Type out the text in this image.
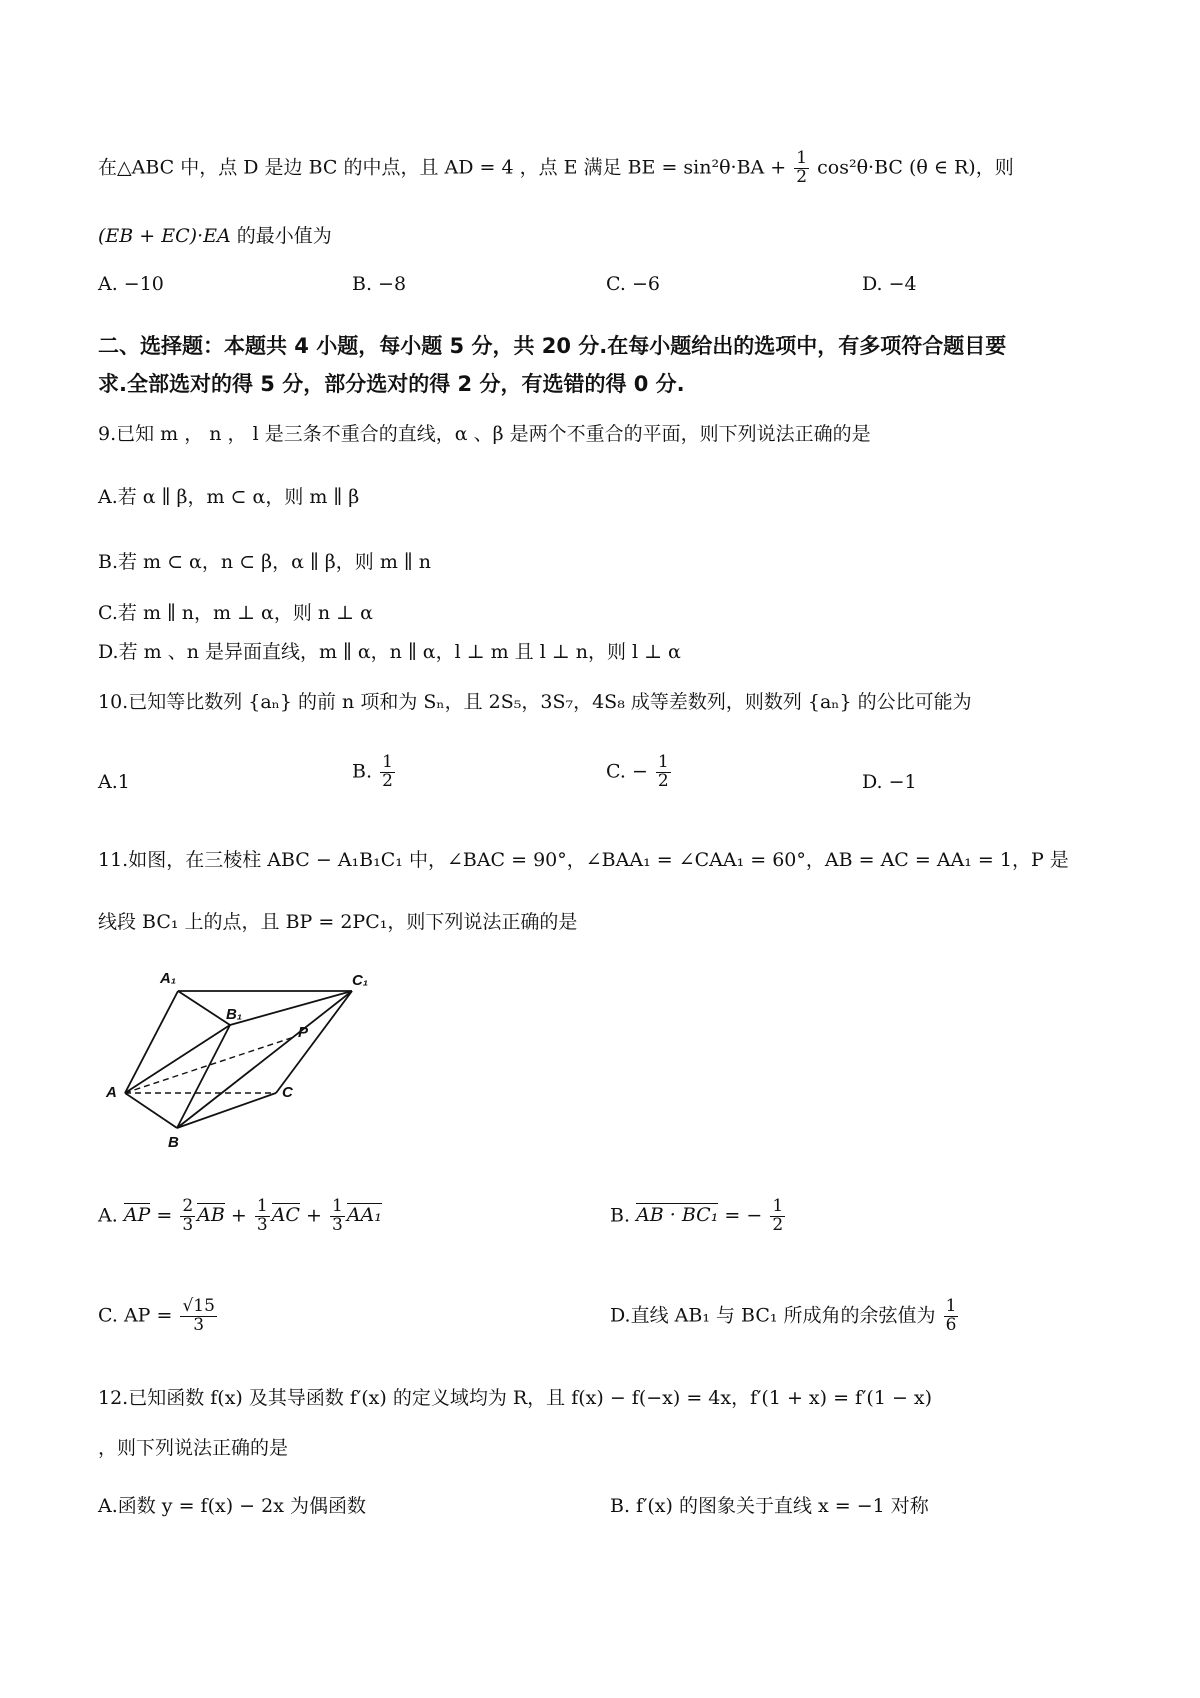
在△ABC 中，点 D 是边 BC 的中点，且 AD = 4 ，点 E 满足 BE = $\sin^2\theta\cdot BA + \frac{1}{2} \cos^2\theta\cdot BC$ (θ ∈ R)，则
(EB + EC)·EA 的最小值为
A. −10	B. −8	C. −6	D. −4
二、选择题：本题共 4 小题，每小题 5 分，共 20 分.在每小题给出的选项中，有多项符合题目要
求.全部选对的得 5 分，部分选对的得 2 分，有选错的得 0 分.
9.已知 m ， n ， l 是三条不重合的直线，α 、β 是两个不重合的平面，则下列说法正确的是
A.若 α ∥ β，m ⊂ α，则 m ∥ β
B.若 m ⊂ α，n ⊂ β，α ∥ β，则 m ∥ n
C.若 m ∥ n，m ⊥ α，则 n ⊥ α
D.若 m 、n 是异面直线，m ∥ α，n ∥ α，l ⊥ m 且 l ⊥ n，则 l ⊥ α
10.已知等比数列 {aₙ} 的前 n 项和为 Sₙ，且 2S₅，3S₇，4S₈ 成等差数列，则数列 {aₙ} 的公比可能为
A.1	B. $\frac{1}{2}$	C. − $\frac{1}{2}$	D. −1
11.如图，在三棱柱 ABC − A₁B₁C₁ 中，∠BAC = 90°，∠BAA₁ = ∠CAA₁ = 60°，AB = AC = AA₁ = 1，P 是
线段 BC₁ 上的点，且 BP = 2PC₁，则下列说法正确的是
A₁	C₁
B₁
P
A	C
B
A. AP = $\frac{2}{3}$ AB + $\frac{1}{3}$ AC + $\frac{1}{3} AA_1$	B. AB · BC₁ = − $\frac{1}{2}$
C. AP = $\frac{√15}{3}$	D.直线 AB₁ 与 BC₁ 所成角的余弦值为 $\frac{1}{6}$
12.已知函数 f(x) 及其导函数 f′(x) 的定义域均为 R，且 f(x) − f(−x) = 4x，f′(1 + x) = f′(1 − x)
，则下列说法正确的是
A.函数 y = f(x) − 2x 为偶函数	B. f′(x) 的图象关于直线 x = −1 对称
